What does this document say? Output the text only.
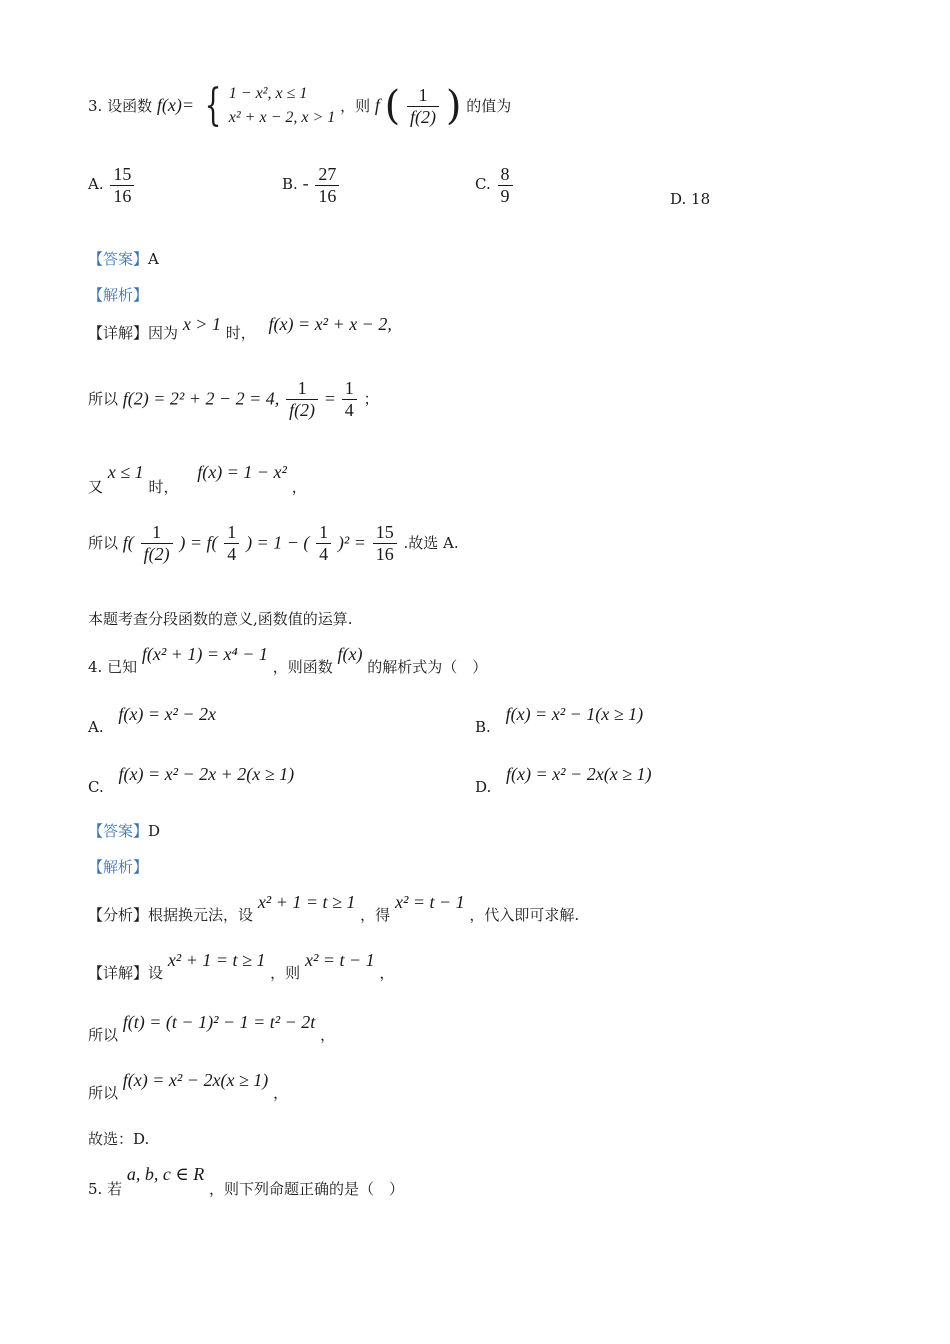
3. 设函数 f(x)= { 1 − x², x ≤ 1
x² + x − 2, x > 1
，则 f ( $\frac{1}{f(2)}$ ) 的值为
A. $\frac{15}{16}$	B. - $\frac{27}{16}$	C. $\frac{8}{9}$	D. 18
【答案】A
【解析】
【详解】因为 x > 1 时， f(x) = x² + x − 2,
所以 f(2) = 2² + 2 − 2 = 4, $\frac{1}{f(2)} = \frac{1}{4}$ ；
又 x ≤ 1 时， f(x) = 1 − x² ，
所以 $f( \frac{1}{f(2)}$ ) = $f( \frac{1}{4}$ ) = 1 − ( $\frac{1}{4} )^2 = \frac{15}{16}$ .故选 A.
本题考查分段函数的意义,函数值的运算.
4. 已知 f(x² + 1) = x⁴ − 1 ，则函数 f(x) 的解析式为（　）
A. f(x) = x² − 2x
B. f(x) = x² − 1(x ≥ 1)
C. f(x) = x² − 2x + 2(x ≥ 1)
D. f(x) = x² − 2x(x ≥ 1)
【答案】D
【解析】
【分析】根据换元法，设 x² + 1 = t ≥ 1 ，得 x² = t − 1 ，代入即可求解.
【详解】设 x² + 1 = t ≥ 1 ，则 x² = t − 1 ，
所以 f(t) = (t − 1)² − 1 = t² − 2t ，
所以 f(x) = x² − 2x(x ≥ 1) ，
故选：D.
5. 若 a, b, c ∈ R ，则下列命题正确的是（　）
